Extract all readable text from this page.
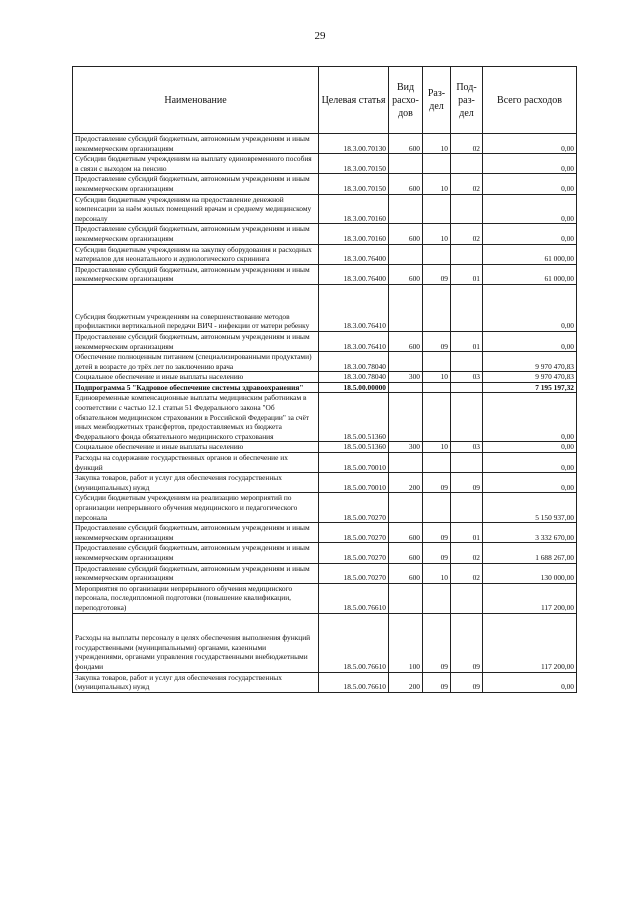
29
Наименование	Целевая статья	Вид расхо-дов	Раз-дел	Под-раз-дел	Всего расходов
Предоставление субсидий бюджетным, автономным учреждениям и иным некоммерческим организациям	18.3.00.70130	600	10	02	0,00
Субсидии бюджетным учреждениям на выплату единовременного пособия в связи с выходом на пенсию	18.3.00.70150				0,00
Предоставление субсидий бюджетным, автономным учреждениям и иным некоммерческим организациям	18.3.00.70150	600	10	02	0,00
Субсидии бюджетным учреждениям на предоставление денежной компенсации за наём жилых помещений врачам и среднему медицинскому персоналу	18.3.00.70160				0,00
Предоставление субсидий бюджетным, автономным учреждениям и иным некоммерческим организациям	18.3.00.70160	600	10	02	0,00
Субсидии бюджетным учреждениям на закупку оборудования и расходных материалов для неонатального и аудиологического скрининга	18.3.00.76400				61 000,00
Предоставление субсидий бюджетным, автономным учреждениям и иным некоммерческим организациям	18.3.00.76400	600	09	01	61 000,00
Субсидия бюджетным учреждениям на совершенствование методов профилактики вертикальной передачи ВИЧ - инфекции от матери ребенку	18.3.00.76410				0,00
Предоставление субсидий бюджетным, автономным учреждениям и иным некоммерческим организациям	18.3.00.76410	600	09	01	0,00
Обеспечение полноценным питанием (специализированными продуктами) детей в возрасте до трёх лет по заключению врача	18.3.00.78040				9 970 470,83
Социальное обеспечение и иные выплаты населению	18.3.00.78040	300	10	03	9 970 470,83
Подпрограмма 5 "Кадровое обеспечение системы здравоохранения"	18.5.00.00000				7 195 197,32
Единовременные компенсационные выплаты медицинским работникам в соответствии с частью 12.1 статьи 51 Федерального закона "Об обязательном медицинском страховании в Российской Федерации" за счёт иных межбюджетных трансфертов, предоставляемых из бюджета Федерального фонда обязательного медицинского страхования	18.5.00.51360				0,00
Социальное обеспечение и иные выплаты населению	18.5.00.51360	300	10	03	0,00
Расходы на содержание государственных органов и обеспечение их функций	18.5.00.70010				0,00
Закупка товаров, работ и услуг для обеспечения государственных (муниципальных) нужд	18.5.00.70010	200	09	09	0,00
Субсидии бюджетным учреждениям на реализацию мероприятий по организации непрерывного обучения медицинского и педагогического персонала	18.5.00.70270				5 150 937,00
Предоставление субсидий бюджетным, автономным учреждениям и иным некоммерческим организациям	18.5.00.70270	600	09	01	3 332 670,00
Предоставление субсидий бюджетным, автономным учреждениям и иным некоммерческим организациям	18.5.00.70270	600	09	02	1 688 267,00
Предоставление субсидий бюджетным, автономным учреждениям и иным некоммерческим организациям	18.5.00.70270	600	10	02	130 000,00
Мероприятия по организации непрерывного обучения медицинского персонала, последипломной подготовки (повышение квалификации, переподготовка)	18.5.00.76610				117 200,00
Расходы на выплаты персоналу в целях обеспечения выполнения функций государственными (муниципальными) органами, казенными учреждениями, органами управления государственными внебюджетными фондами	18.5.00.76610	100	09	09	117 200,00
Закупка товаров, работ и услуг для обеспечения государственных (муниципальных) нужд	18.5.00.76610	200	09	09	0,00
